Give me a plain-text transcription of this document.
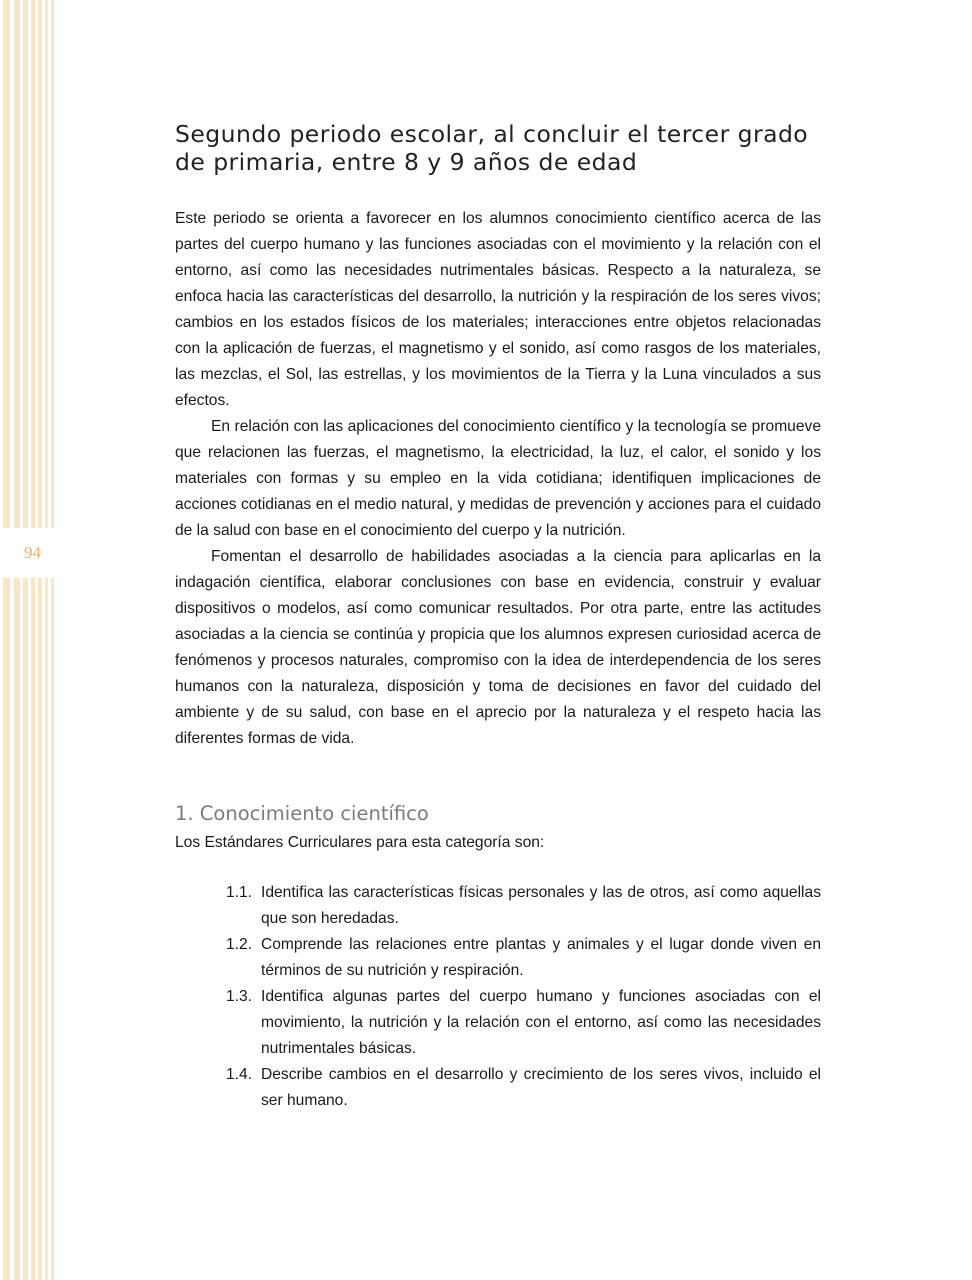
94
Segundo periodo escolar, al concluir el tercer grado de primaria, entre 8 y 9 años de edad

Este periodo se orienta a favorecer en los alumnos conocimiento científico acerca de las partes del cuerpo humano y las funciones asociadas con el movimiento y la relación con el entorno, así como las necesidades nutrimentales básicas. Respecto a la naturaleza, se enfoca hacia las características del desarrollo, la nutrición y la respiración de los seres vivos; cambios en los estados físicos de los materiales; interacciones entre objetos relacionadas con la aplicación de fuerzas, el magnetismo y el sonido, así como rasgos de los materiales, las mezclas, el Sol, las estrellas, y los movimientos de la Tierra y la Luna vinculados a sus efectos.

En relación con las aplicaciones del conocimiento científico y la tecnología se promueve que relacionen las fuerzas, el magnetismo, la electricidad, la luz, el calor, el sonido y los materiales con formas y su empleo en la vida cotidiana; identifiquen implicaciones de acciones cotidianas en el medio natural, y medidas de prevención y acciones para el cuidado de la salud con base en el conocimiento del cuerpo y la nutrición.

Fomentan el desarrollo de habilidades asociadas a la ciencia para aplicarlas en la indagación científica, elaborar conclusiones con base en evidencia, construir y evaluar dispositivos o modelos, así como comunicar resultados. Por otra parte, entre las actitudes asociadas a la ciencia se continúa y propicia que los alumnos expresen curiosidad acerca de fenómenos y procesos naturales, compromiso con la idea de interdependencia de los seres humanos con la naturaleza, disposición y toma de decisiones en favor del cuidado del ambiente y de su salud, con base en el aprecio por la naturaleza y el respeto hacia las diferentes formas de vida.

1. Conocimiento científico

Los Estándares Curriculares para esta categoría son:

1.1. Identifica las características físicas personales y las de otros, así como aquellas que son heredadas.
1.2. Comprende las relaciones entre plantas y animales y el lugar donde viven en términos de su nutrición y respiración.
1.3. Identifica algunas partes del cuerpo humano y funciones asociadas con el movimiento, la nutrición y la relación con el entorno, así como las necesidades nutrimentales básicas.
1.4. Describe cambios en el desarrollo y crecimiento de los seres vivos, incluido el ser humano.
